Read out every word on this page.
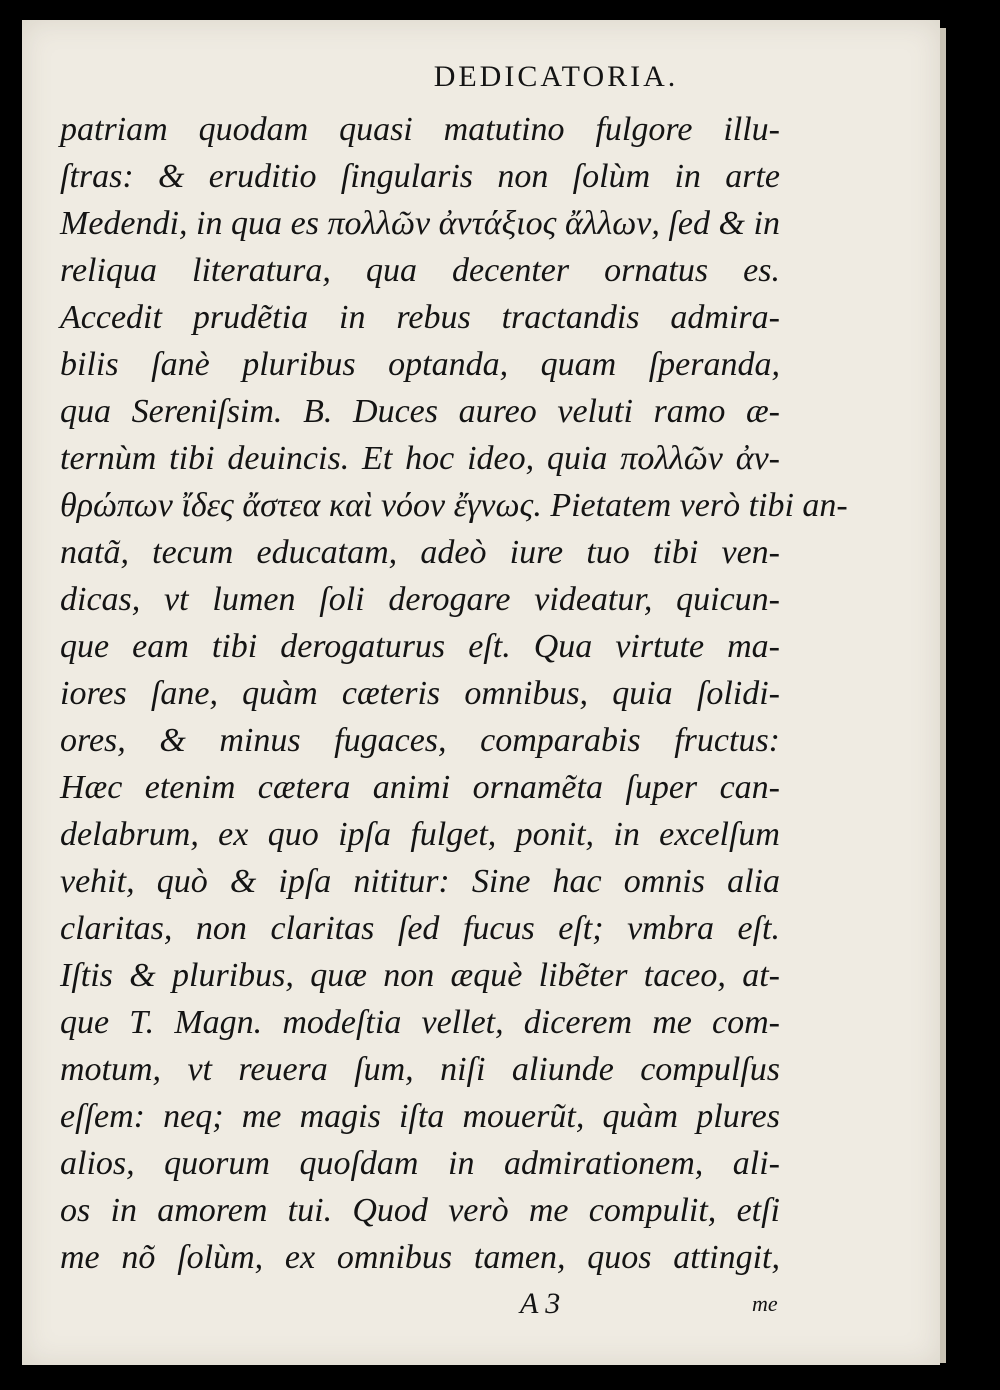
DEDICATORIA.
patriam quodam quasi matutino fulgore illu-
ſtras: & eruditio ſingularis non ſolùm in arte
Medendi, in qua es πολλῶν ἀντάξιος ἄλλων, ſed & in
reliqua literatura, qua decenter ornatus es.
Accedit prudẽtia in rebus tractandis admira-
bilis ſanè pluribus optanda, quam ſperanda,
qua Sereniſsim. B. Duces aureo veluti ramo æ-
ternùm tibi deuincis. Et hoc ideo, quia πολλῶν ἀν-
θρώπων ἴδες ἄστεα καὶ νόον ἔγνως. Pietatem verò tibi an-
natã, tecum educatam, adeò iure tuo tibi ven-
dicas, vt lumen ſoli derogare videatur, quicun-
que eam tibi derogaturus eſt. Qua virtute ma-
iores ſane, quàm cæteris omnibus, quia ſolidi-
ores, & minus fugaces, comparabis fructus:
Hæc etenim cætera animi ornamẽta ſuper can-
delabrum, ex quo ipſa fulget, ponit, in excelſum
vehit, quò & ipſa nititur: Sine hac omnis alia
claritas, non claritas ſed fucus eſt; vmbra eſt.
Iſtis & pluribus, quæ non æquè libẽter taceo, at-
que T. Magn. modeſtia vellet, dicerem me com-
motum, vt reuera ſum, niſi aliunde compulſus
eſſem: neq; me magis iſta mouerũt, quàm plures
alios, quorum quoſdam in admirationem, ali-
os in amorem tui. Quod verò me compulit, etſi
me nõ ſolùm, ex omnibus tamen, quos attingit,
A 3	me
